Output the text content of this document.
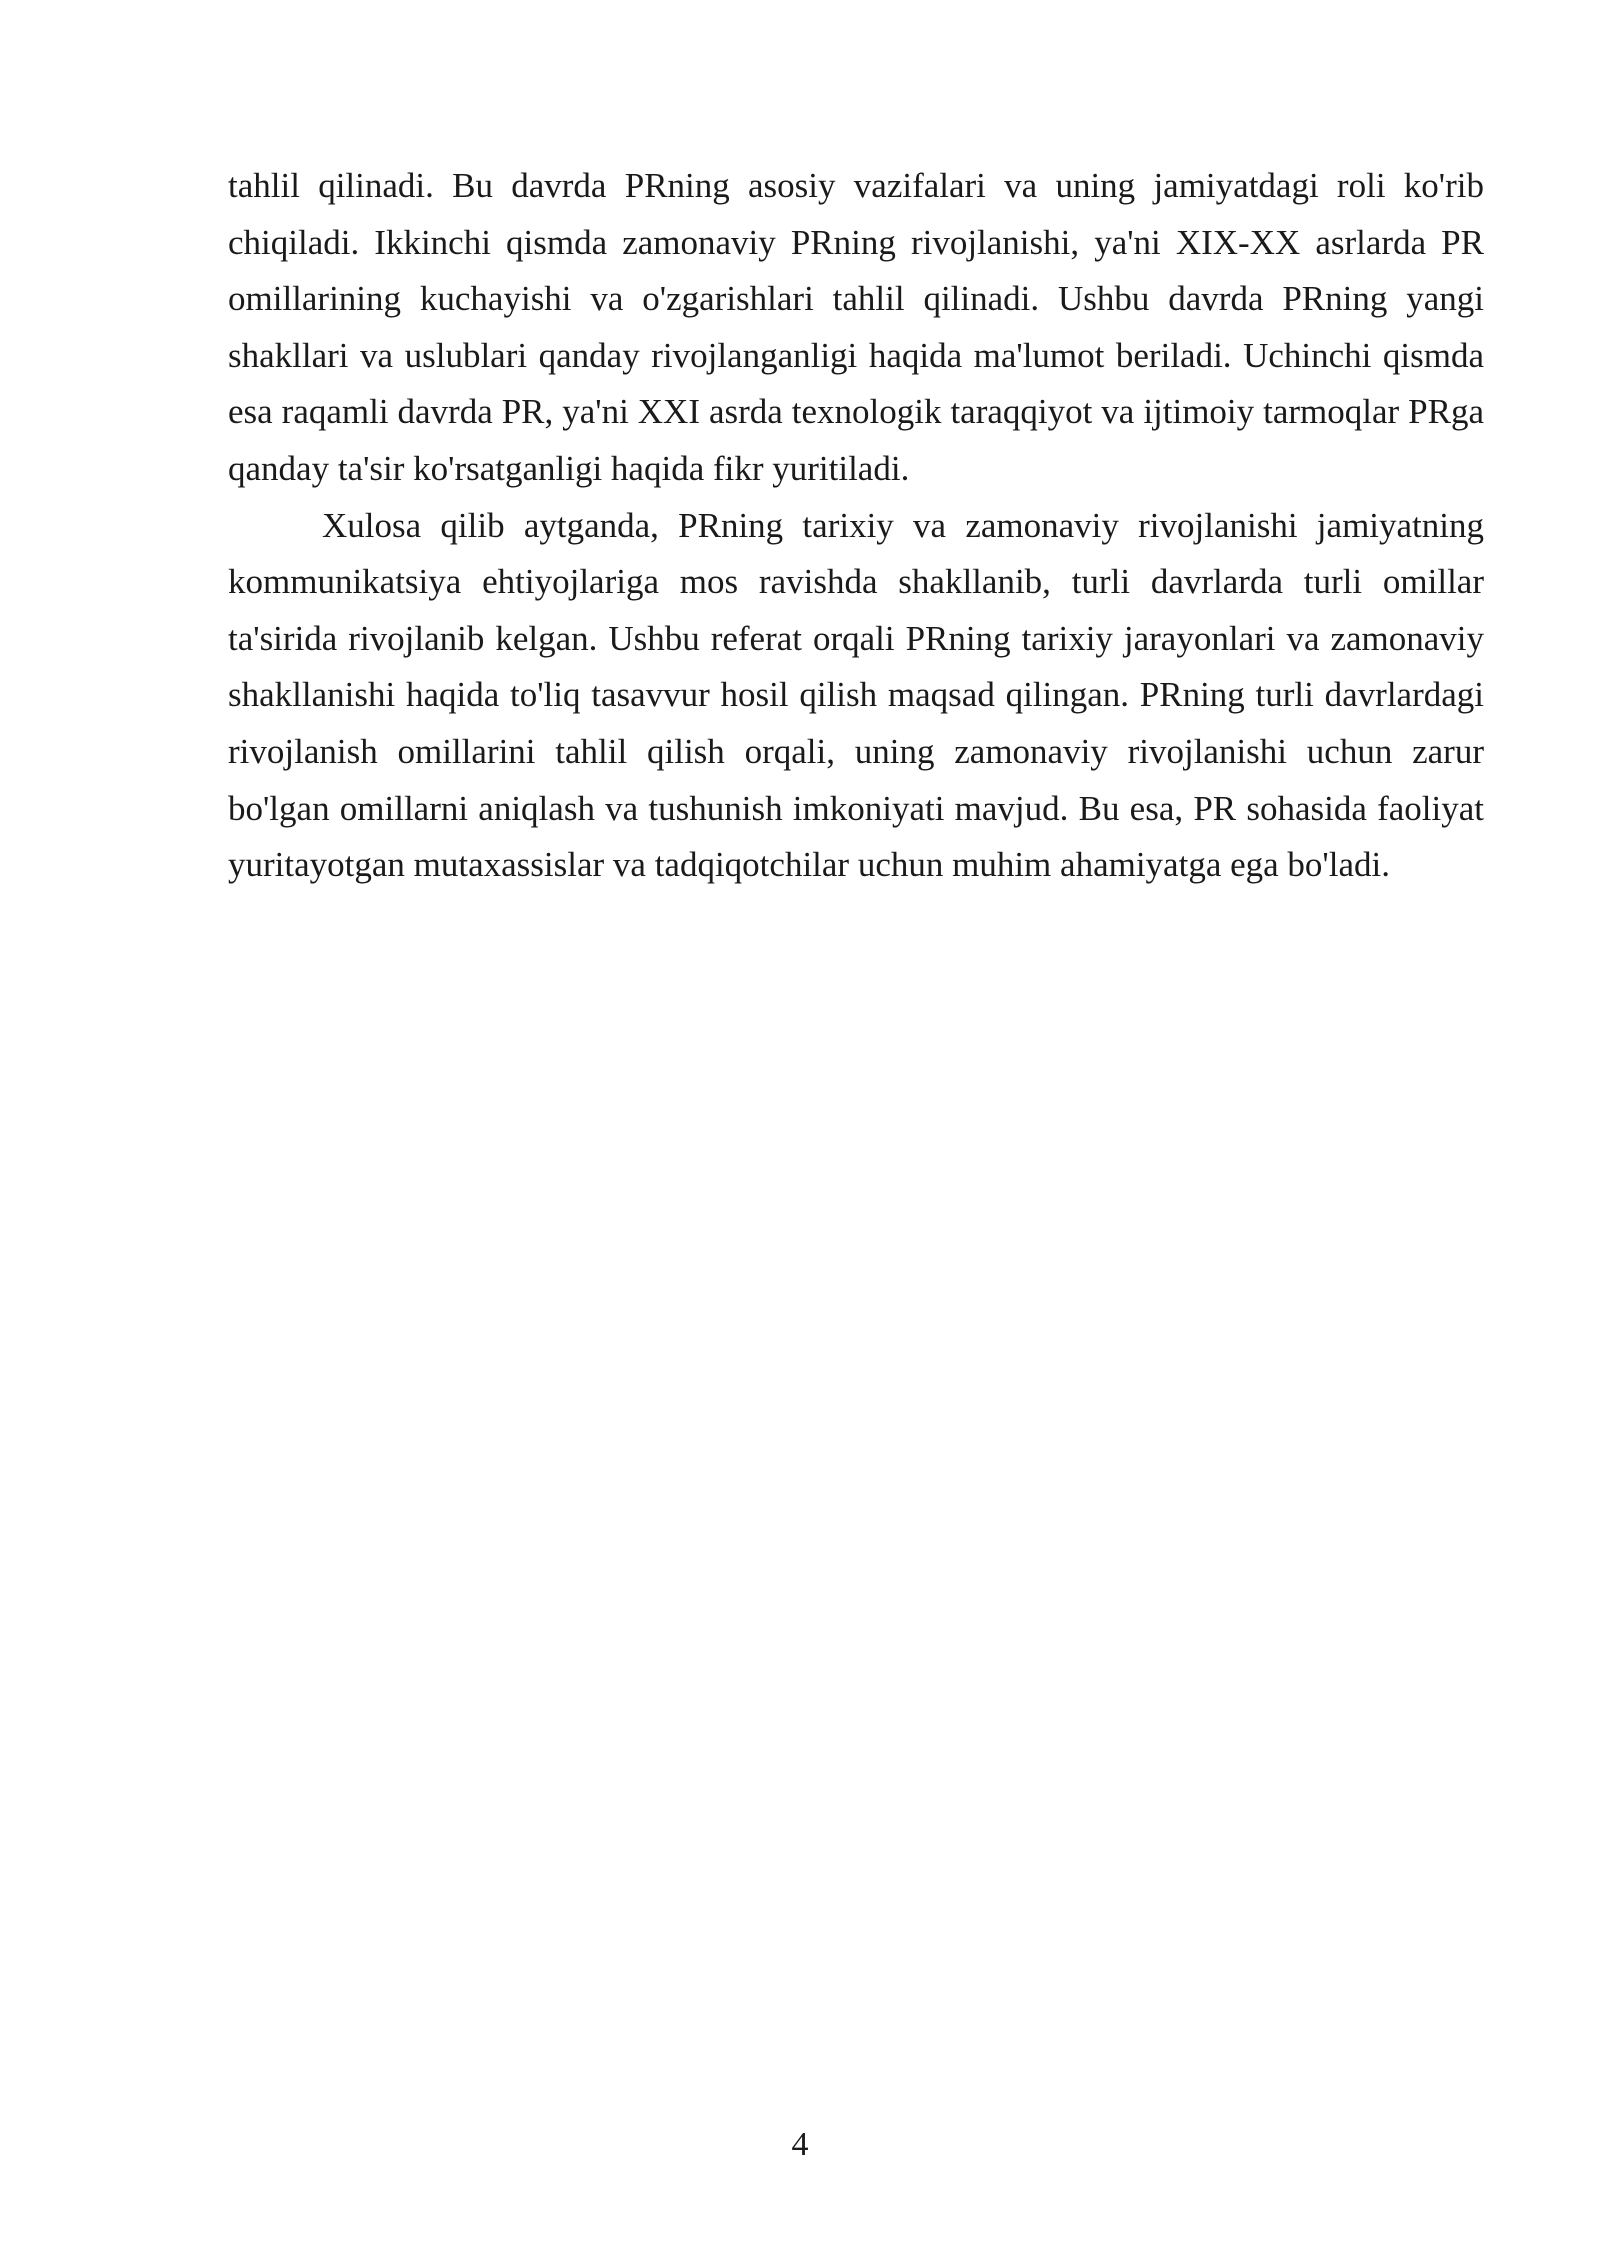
tahlil qilinadi. Bu davrda PRning asosiy vazifalari va uning jamiyatdagi roli ko'rib chiqiladi. Ikkinchi qismda zamonaviy PRning rivojlanishi, ya'ni XIX-XX asrlarda PR omillarining kuchayishi va o'zgarishlari tahlil qilinadi. Ushbu davrda PRning yangi shakllari va uslublari qanday rivojlanganligi haqida ma'lumot beriladi. Uchinchi qismda esa raqamli davrda PR, ya'ni XXI asrda texnologik taraqqiyot va ijtimoiy tarmoqlar PRga qanday ta'sir ko'rsatganligi haqida fikr yuritiladi.

Xulosa qilib aytganda, PRning tarixiy va zamonaviy rivojlanishi jamiyatning kommunikatsiya ehtiyojlariga mos ravishda shakllanib, turli davrlarda turli omillar ta'sirida rivojlanib kelgan. Ushbu referat orqali PRning tarixiy jarayonlari va zamonaviy shakllanishi haqida to'liq tasavvur hosil qilish maqsad qilingan. PRning turli davrlardagi rivojlanish omillarini tahlil qilish orqali, uning zamonaviy rivojlanishi uchun zarur bo'lgan omillarni aniqlash va tushunish imkoniyati mavjud. Bu esa, PR sohasida faoliyat yuritayotgan mutaxassislar va tadqiqotchilar uchun muhim ahamiyatga ega bo'ladi.

4
